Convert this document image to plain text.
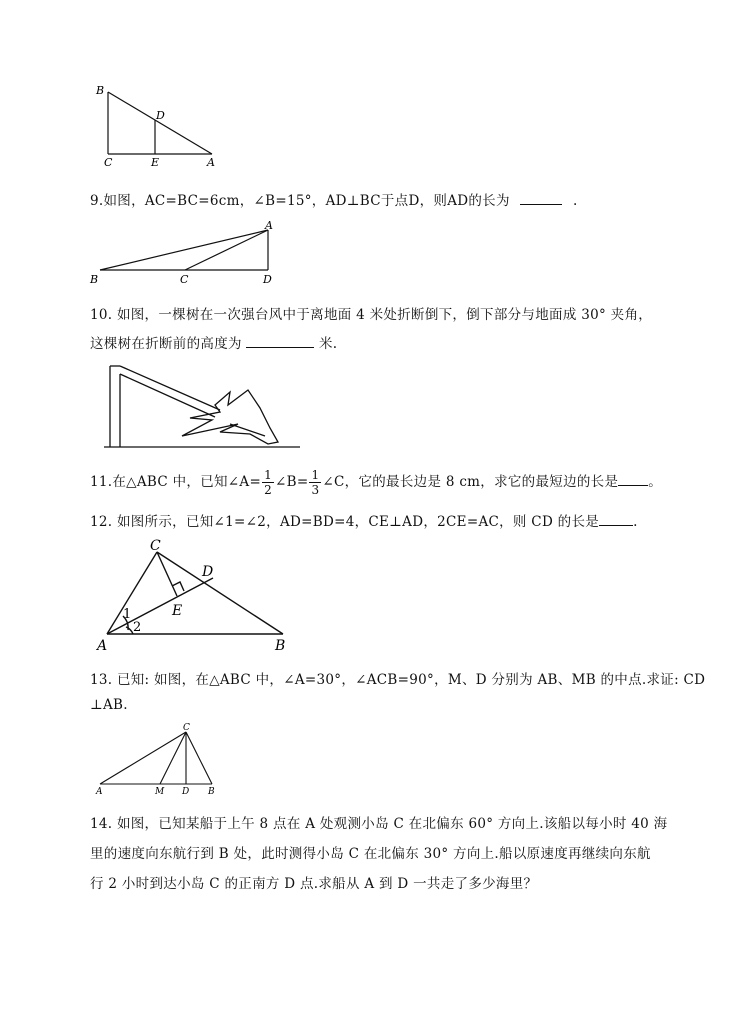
B
D
C	E	A
9.如图，AC=BC=6cm，∠B=15°，AD⊥BC于点D，则AD的长为	.
A
B	C	D
10. 如图，一棵树在一次强台风中于离地面 4 米处折断倒下，倒下部分与地面成 30° 夹角，
这棵树在折断前的高度为	米.
11.在△ABC 中，已知∠A= $\frac{1}{2}$ ∠B= $\frac{1}{3}$ ∠C，它的最长边是 8 cm，求它的最短边的长是 。
12. 如图所示，已知∠1=∠2，AD=BD=4，CE⊥AD，2CE=AC，则 CD 的长是	.
C
D
E
1
2
A	B
13. 已知: 如图，在△ABC 中，∠A=30°，∠ACB=90°，M、D 分别为 AB、MB 的中点.求证: CD
⊥AB.
C
A	M D B
14. 如图，已知某船于上午 8 点在 A 处观测小岛 C 在北偏东 60° 方向上.该船以每小时 40 海
里的速度向东航行到 B 处，此时测得小岛 C 在北偏东 30° 方向上.船以原速度再继续向东航
行 2 小时到达小岛 C 的正南方 D 点.求船从 A 到 D 一共走了多少海里？
